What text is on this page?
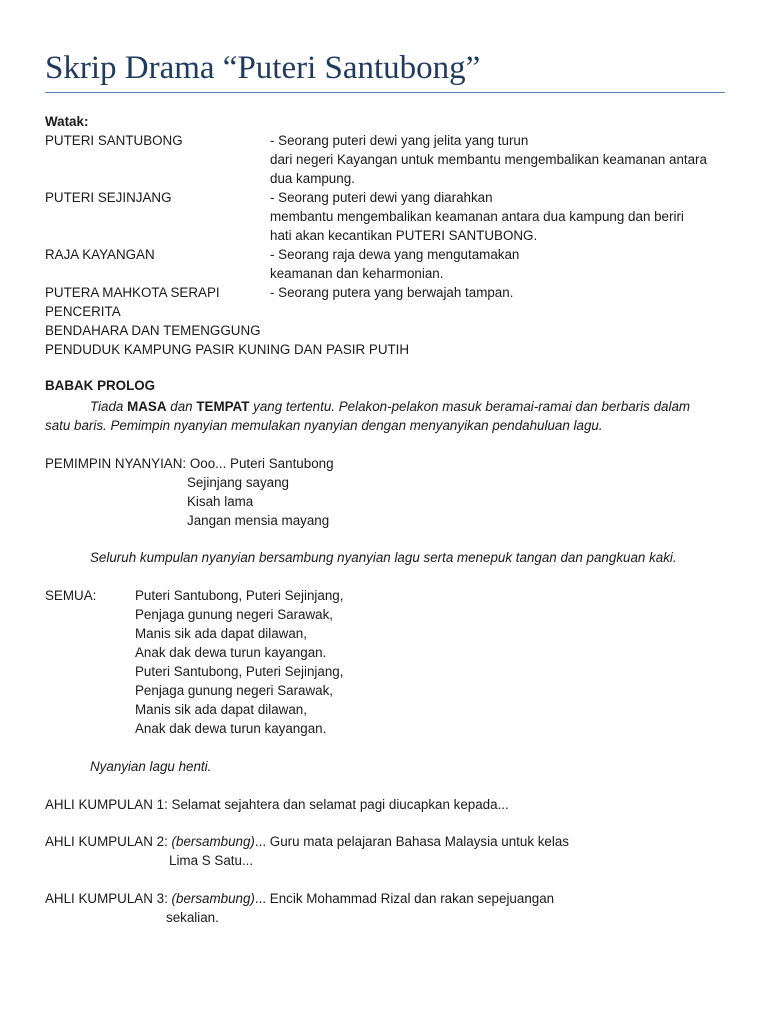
Skrip Drama “Puteri Santubong”
Watak:
PUTERI SANTUBONG	- Seorang puteri dewi yang jelita yang turun
dari negeri Kayangan untuk membantu mengembalikan keamanan antara
dua kampung.
PUTERI SEJINJANG	- Seorang puteri dewi yang diarahkan
membantu mengembalikan keamanan antara dua kampung dan beriri
hati akan kecantikan PUTERI SANTUBONG.
RAJA KAYANGAN	- Seorang raja dewa yang mengutamakan
keamanan dan keharmonian.
PUTERA MAHKOTA SERAPI	- Seorang putera yang berwajah tampan.
PENCERITA
BENDAHARA DAN TEMENGGUNG
PENDUDUK KAMPUNG PASIR KUNING DAN PASIR PUTIH
BABAK PROLOG
Tiada MASA dan TEMPAT yang tertentu. Pelakon-pelakon masuk beramai-ramai dan berbaris dalam
satu baris. Pemimpin nyanyian memulakan nyanyian dengan menyanyikan pendahuluan lagu.
PEMIMPIN NYANYIAN: Ooo... Puteri Santubong
Sejinjang sayang
Kisah lama
Jangan mensia mayang
Seluruh kumpulan nyanyian bersambung nyanyian lagu serta menepuk tangan dan pangkuan kaki.
SEMUA:	Puteri Santubong, Puteri Sejinjang,
Penjaga gunung negeri Sarawak,
Manis sik ada dapat dilawan,
Anak dak dewa turun kayangan.
Puteri Santubong, Puteri Sejinjang,
Penjaga gunung negeri Sarawak,
Manis sik ada dapat dilawan,
Anak dak dewa turun kayangan.
Nyanyian lagu henti.
AHLI KUMPULAN 1: Selamat sejahtera dan selamat pagi diucapkan kepada...
AHLI KUMPULAN 2: (bersambung)... Guru mata pelajaran Bahasa Malaysia untuk kelas
Lima S Satu...
AHLI KUMPULAN 3: (bersambung)... Encik Mohammad Rizal dan rakan sepejuangan
sekalian.
